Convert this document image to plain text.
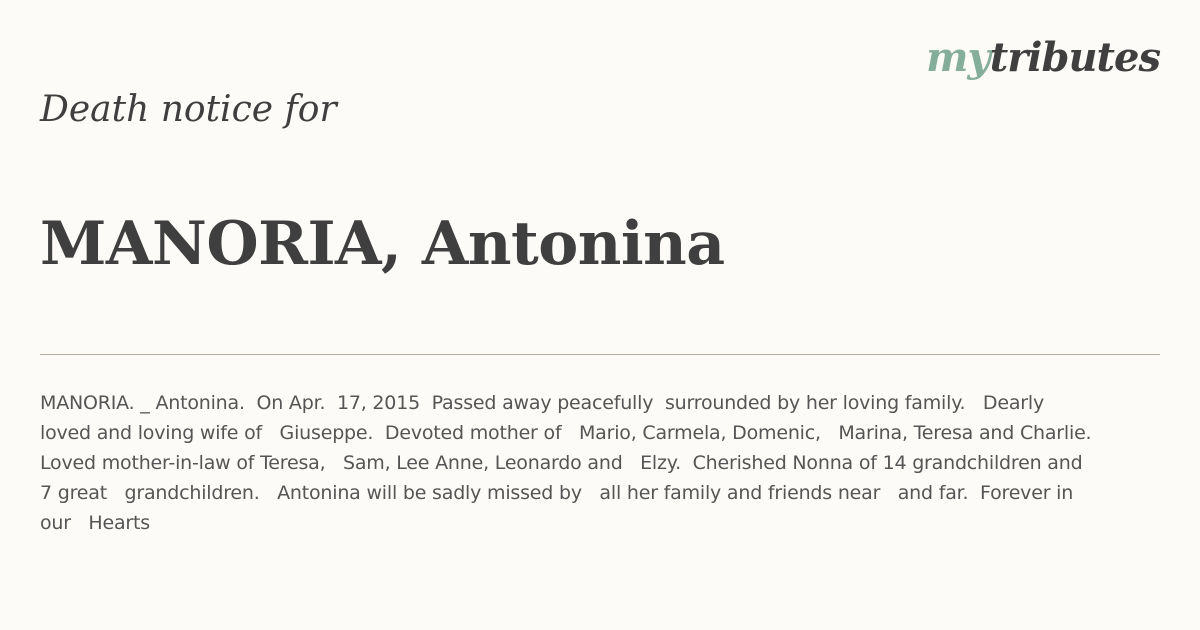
mytributes
Death notice for
MANORIA, Antonina

MANORIA. _ Antonina.  On Apr.  17, 2015  Passed away peacefully  surrounded by her loving family.   Dearly loved and loving wife of   Giuseppe.  Devoted mother of   Mario, Carmela, Domenic,   Marina, Teresa and Charlie.   Loved mother-in-law of Teresa,   Sam, Lee Anne, Leonardo and   Elzy.  Cherished Nonna of 14 grandchildren and 7 great   grandchildren.   Antonina will be sadly missed by   all her family and friends near   and far.  Forever in our   Hearts
